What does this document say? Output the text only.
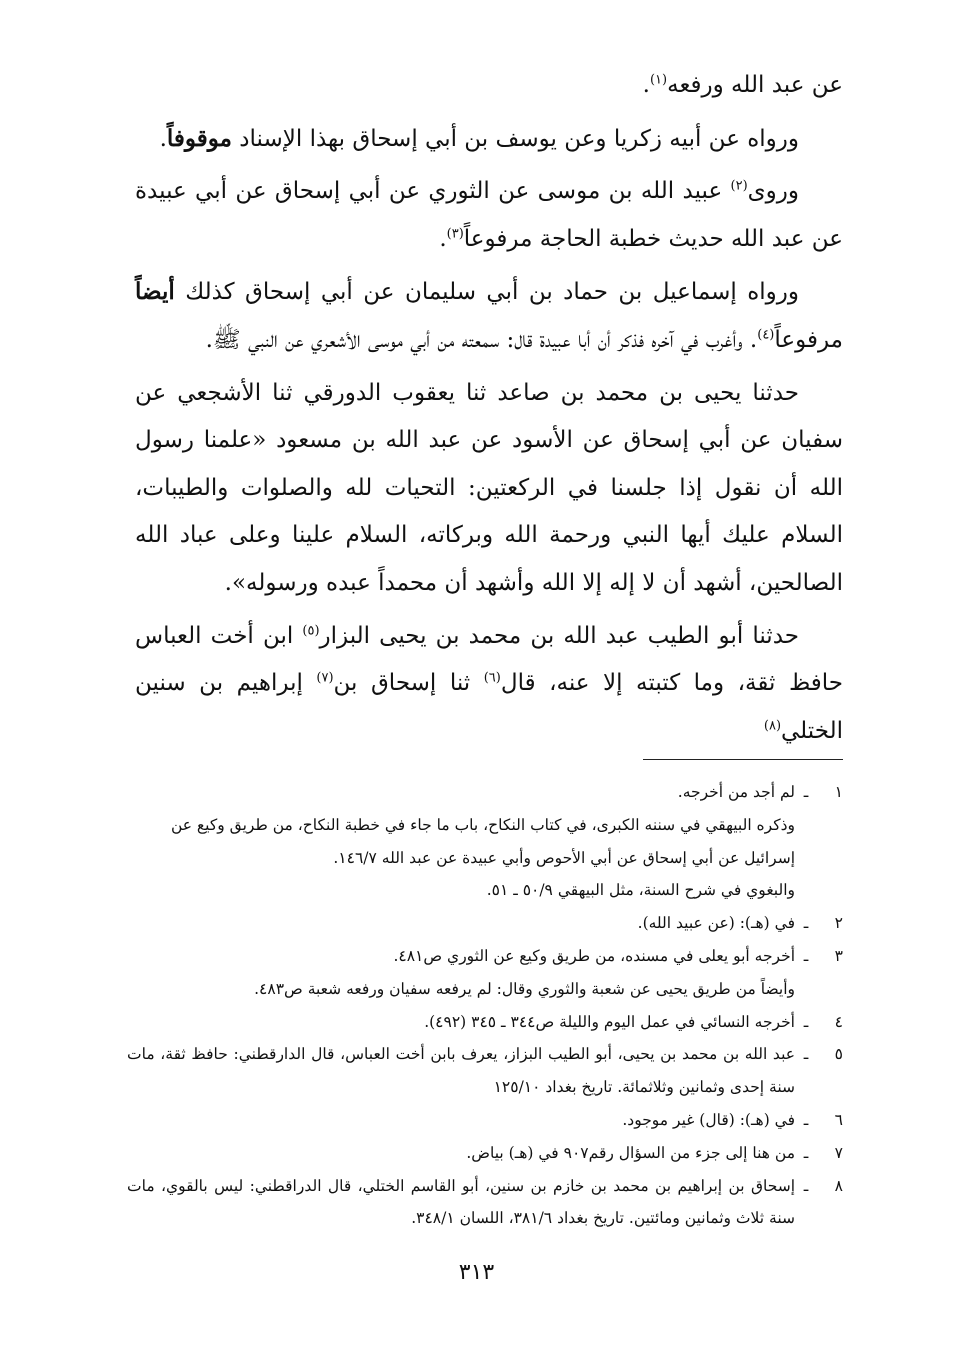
عن عبد الله ورفعه$^{(١)}$.

ورواه عن أبيه زكريا وعن يوسف بن أبي إسحاق بهذا الإسناد موقوفاً.

وروى$^{(٢)}$ عبيد الله بن موسى عن الثوري عن أبي إسحاق عن أبي عبيدة عن عبد الله حديث خطبة الحاجة مرفوعاً$^{(٣)}$.

ورواه إسماعيل بن حماد بن أبي سليمان عن أبي إسحاق كذلك أيضاً مرفوعاً$^{(٤)}$. وأغرب في آخره فذكر أن أبا عبيدة قال: سمعته من أبي موسى الأشعري عن النبي ﷺ.

حدثنا يحيى بن محمد بن صاعد ثنا يعقوب الدورقي ثنا الأشجعي عن سفيان عن أبي إسحاق عن الأسود عن عبد الله بن مسعود «علمنا رسول الله أن نقول إذا جلسنا في الركعتين: التحيات لله والصلوات والطيبات، السلام عليك أيها النبي ورحمة الله وبركاته، السلام علينا وعلى عباد الله الصالحين، أشهد أن لا إله إلا الله وأشهد أن محمداً عبده ورسوله».

حدثنا أبو الطيب عبد الله بن محمد بن يحيى البزار$^{(٥)}$ ابن أخت العباس حافظ ثقة، وما كتبته إلا عنه، قال$^{(٦)}$ ثنا إسحاق بن$^{(٧)}$ إبراهيم بن سنين الختلي$^{(٨)}$

١
ـ
لم أجد من أخرجه.
وذكره البيهقي في سننه الكبرى، في كتاب النكاح، باب ما جاء في خطبة النكاح، من طريق وكيع عن إسرائيل عن أبي إسحاق عن أبي الأحوص وأبي عبيدة عن عبد الله ١٤٦/٧.
والبغوي في شرح السنة، مثل البيهقي ٥٠/٩ ـ ٥١.
٢
ـ
في (هـ): (عن عبيد الله).
٣
ـ
أخرجه أبو يعلى في مسنده، من طريق وكيع عن الثوري ص٤٨١.
وأيضاً من طريق يحيى عن شعبة والثوري وقال: لم يرفعه سفيان ورفعه شعبة ص٤٨٣.
٤
ـ
أخرجه النسائي في عمل اليوم والليلة ص٣٤٤ ـ ٣٤٥ (٤٩٢).
٥
ـ
عبد الله بن محمد بن يحيى، أبو الطيب البزاز، يعرف بابن أخت العباس، قال الدارقطني: حافظ ثقة، مات سنة إحدى وثمانين وثلاثمائة. تاريخ بغداد ١٢٥/١٠
٦
ـ
في (هـ): (قال) غير موجود.
٧
ـ
من هنا إلى جزء من السؤال رقم٩٠٧ في (هـ) بياض.
٨
ـ
إسحاق بن إبراهيم بن محمد بن خازم بن سنين، أبو القاسم الختلي، قال الدراقطني: ليس بالقوي، مات سنة ثلاث وثمانين ومائتين. تاريخ بغداد ٣٨١/٦، اللسان ٣٤٨/١.
٣١٣
